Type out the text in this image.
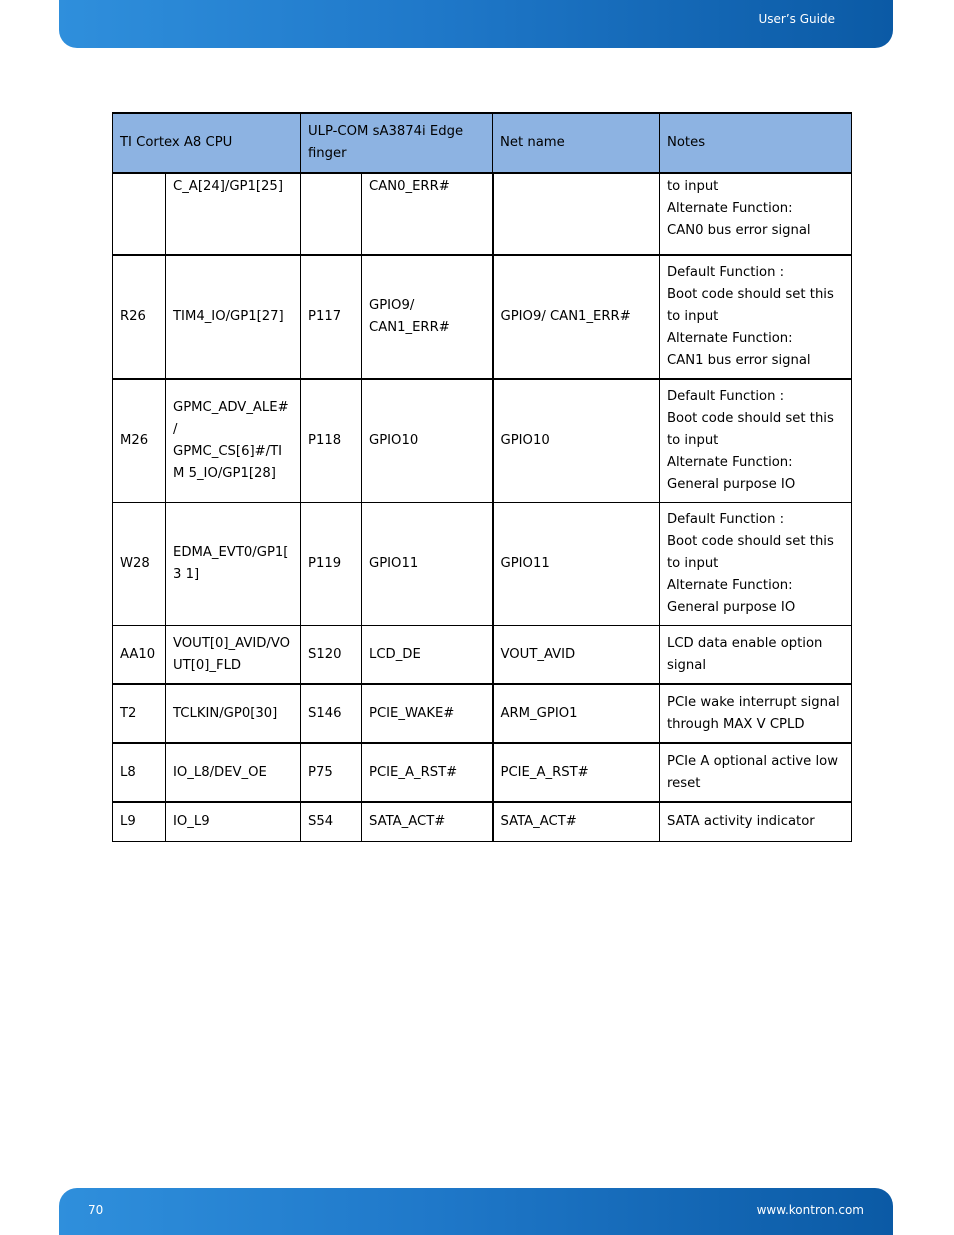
User’s Guide
TI Cortex A8 CPU		ULP-COM sA3874i Edge finger		Net name	Notes
	C_A[24]/GP1[25]		CAN0_ERR#		to input
Alternate Function:
CAN0 bus error signal

R26	TIM4_IO/GP1[27]	P117	GPIO9/ CAN1_ERR#	GPIO9/ CAN1_ERR#	Default Function :
Boot code should set this
to input
Alternate Function:
CAN1 bus error signal

M26	GPMC_ADV_ALE#/ GPMC_CS[6]#/TIM 5_IO/GP1[28]	P118	GPIO10	GPIO10	Default Function :
Boot code should set this
to input
Alternate Function:
General purpose IO

W28	EDMA_EVT0/GP1[3 1]	P119	GPIO11	GPIO11	Default Function :
Boot code should set this
to input
Alternate Function:
General purpose IO

AA10	VOUT[0]_AVID/VO UT[0]_FLD	S120	LCD_DE	VOUT_AVID	LCD data enable option signal
T2	TCLKIN/GP0[30]	S146	PCIE_WAKE#	ARM_GPIO1	PCIe wake interrupt signal through MAX V CPLD
L8	IO_L8/DEV_OE	P75	PCIE_A_RST#	PCIE_A_RST#	PCIe A optional active low reset
L9	IO_L9	S54	SATA_ACT#	SATA_ACT#	SATA activity indicator
70	www.kontron.com
